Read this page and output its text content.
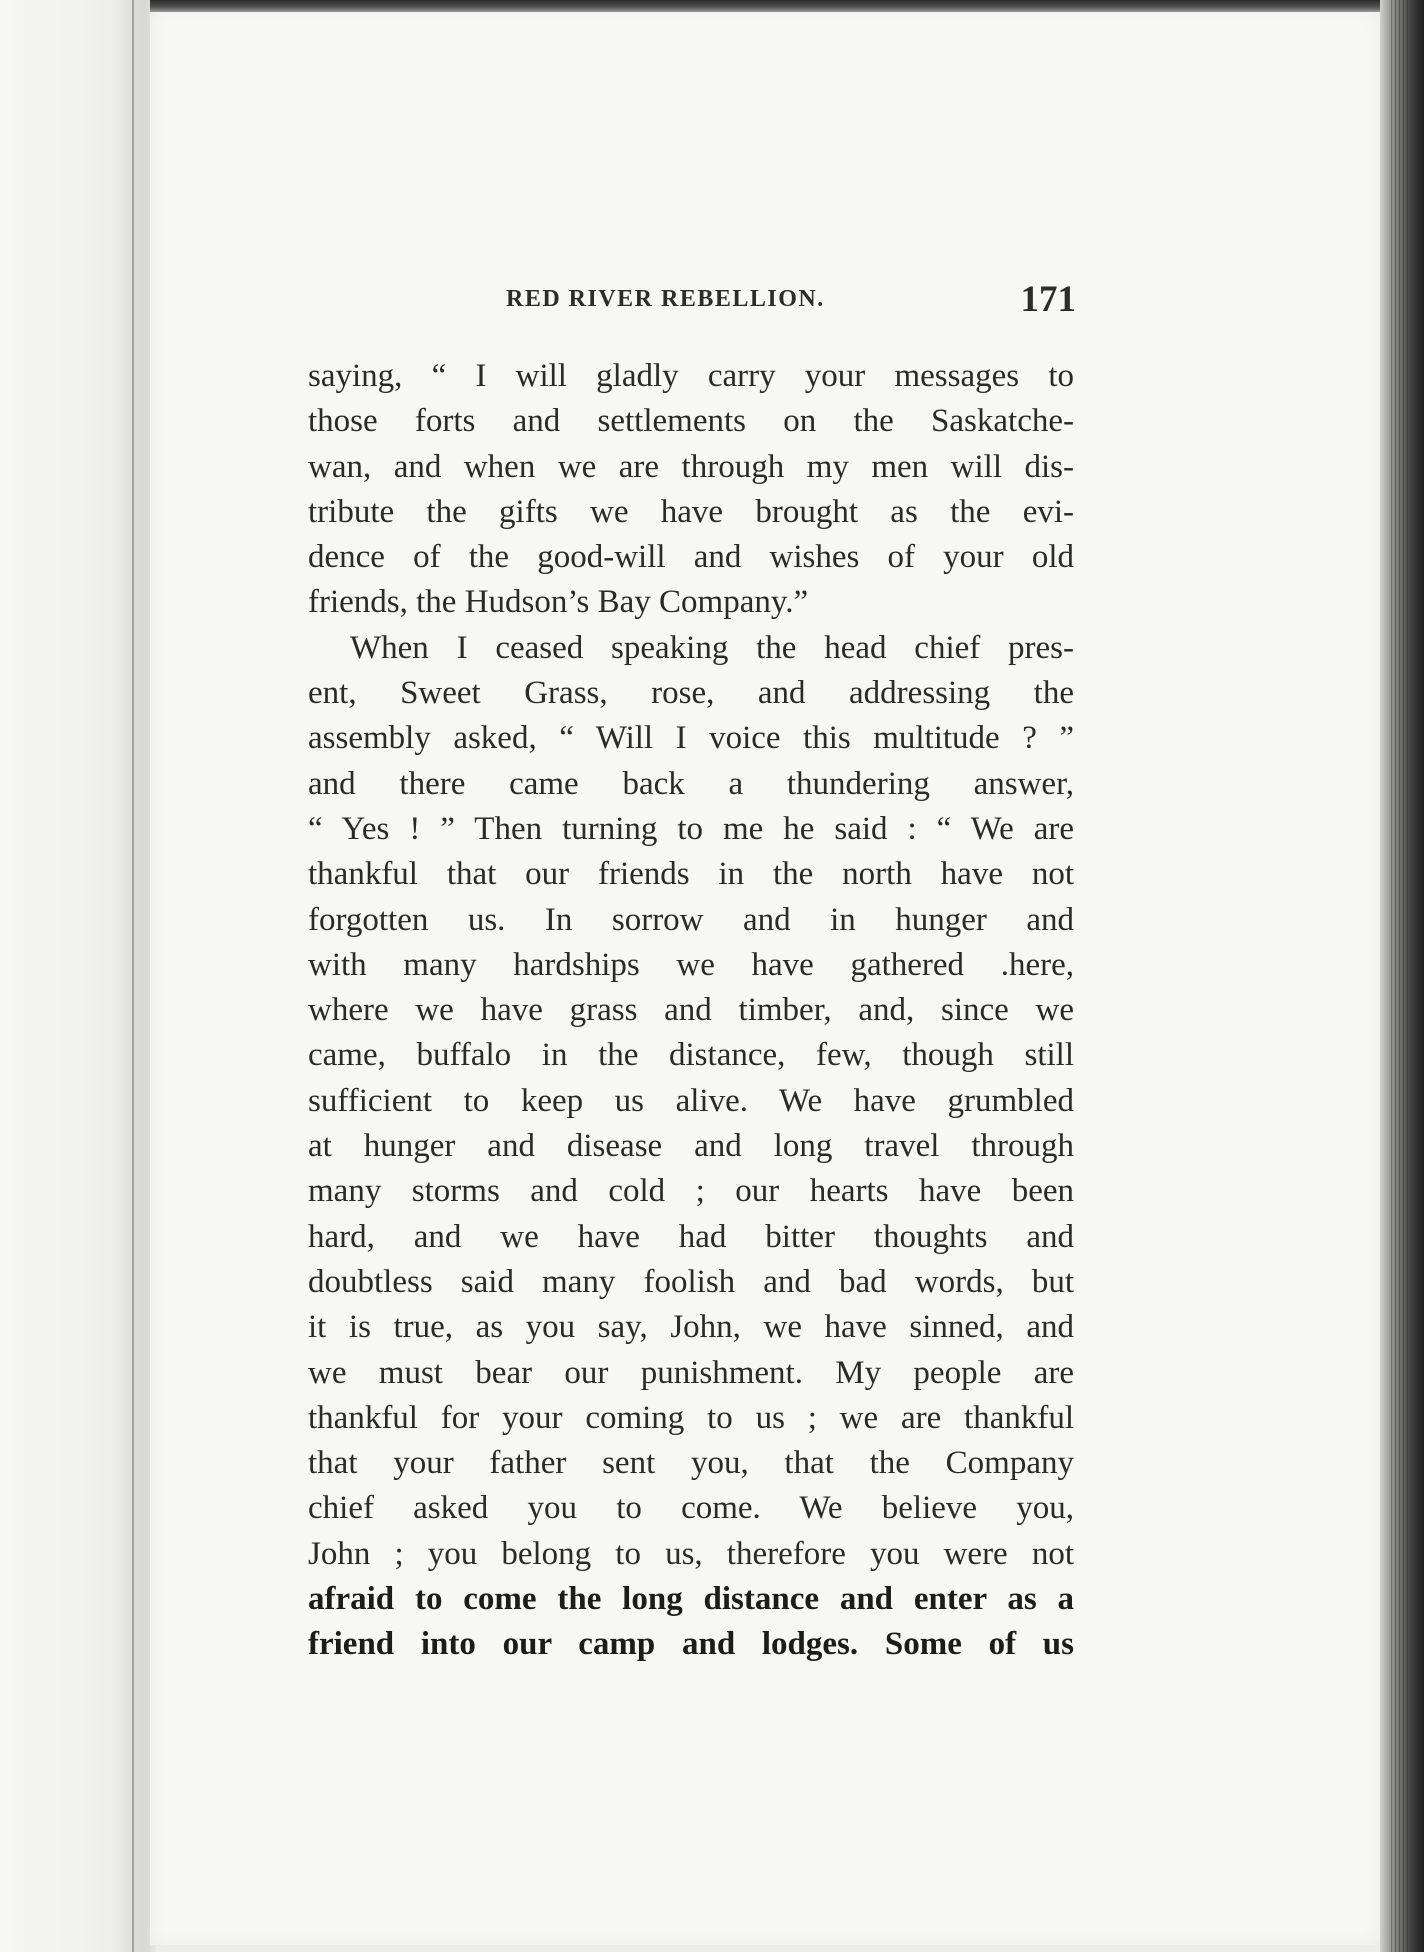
RED RIVER REBELLION.	171
saying, “ I will gladly carry your messages to
those forts and settlements on the Saskatche-
wan, and when we are through my men will dis-
tribute the gifts we have brought as the evi-
dence of the good-will and wishes of your old
friends, the Hudson’s Bay Company.”
When I ceased speaking the head chief pres-
ent, Sweet Grass, rose, and addressing the
assembly asked, “ Will I voice this multitude ? ”
and there came back a thundering answer,
“ Yes ! ” Then turning to me he said : “ We are
thankful that our friends in the north have not
forgotten us. In sorrow and in hunger and
with many hardships we have gathered .here,
where we have grass and timber, and, since we
came, buffalo in the distance, few, though still
sufficient to keep us alive. We have grumbled
at hunger and disease and long travel through
many storms and cold ; our hearts have been
hard, and we have had bitter thoughts and
doubtless said many foolish and bad words, but
it is true, as you say, John, we have sinned, and
we must bear our punishment. My people are
thankful for your coming to us ; we are thankful
that your father sent you, that the Company
chief asked you to come. We believe you,
John ; you belong to us, therefore you were not
afraid to come the long distance and enter as a
friend into our camp and lodges. Some of us
